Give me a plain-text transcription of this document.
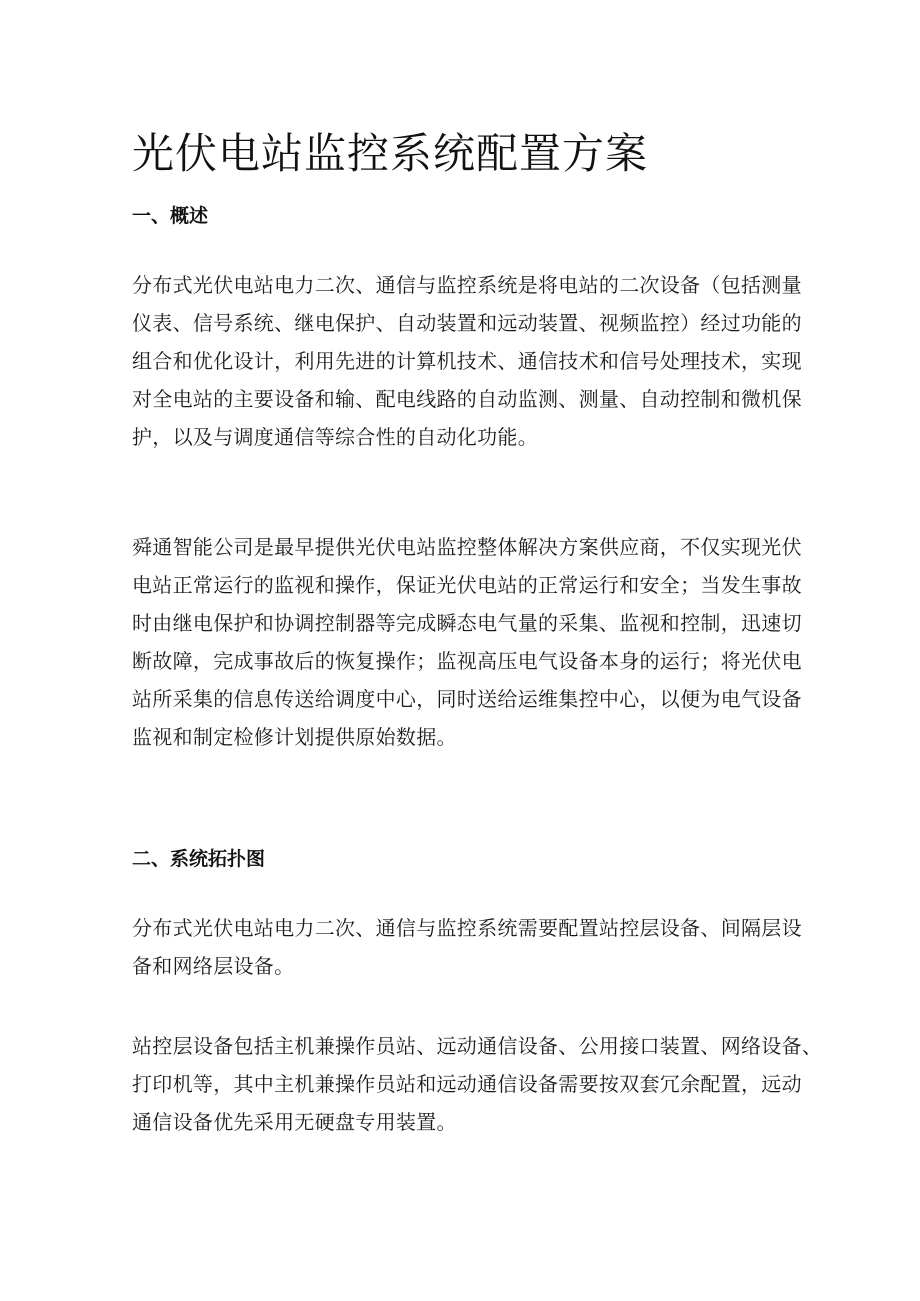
光伏电站监控系统配置方案
一、概述
分布式光伏电站电力二次、通信与监控系统是将电站的二次设备（包括测量
仪表、信号系统、继电保护、自动装置和远动装置、视频监控）经过功能的
组合和优化设计，利用先进的计算机技术、通信技术和信号处理技术，实现
对全电站的主要设备和输、配电线路的自动监测、测量、自动控制和微机保
护，以及与调度通信等综合性的自动化功能。
舜通智能公司是最早提供光伏电站监控整体解决方案供应商，不仅实现光伏
电站正常运行的监视和操作，保证光伏电站的正常运行和安全；当发生事故
时由继电保护和协调控制器等完成瞬态电气量的采集、监视和控制，迅速切
断故障，完成事故后的恢复操作；监视高压电气设备本身的运行；将光伏电
站所采集的信息传送给调度中心，同时送给运维集控中心，以便为电气设备
监视和制定检修计划提供原始数据。
二、系统拓扑图
分布式光伏电站电力二次、通信与监控系统需要配置站控层设备、间隔层设
备和网络层设备。
站控层设备包括主机兼操作员站、远动通信设备、公用接口装置、网络设备、
打印机等，其中主机兼操作员站和远动通信设备需要按双套冗余配置，远动
通信设备优先采用无硬盘专用装置。
